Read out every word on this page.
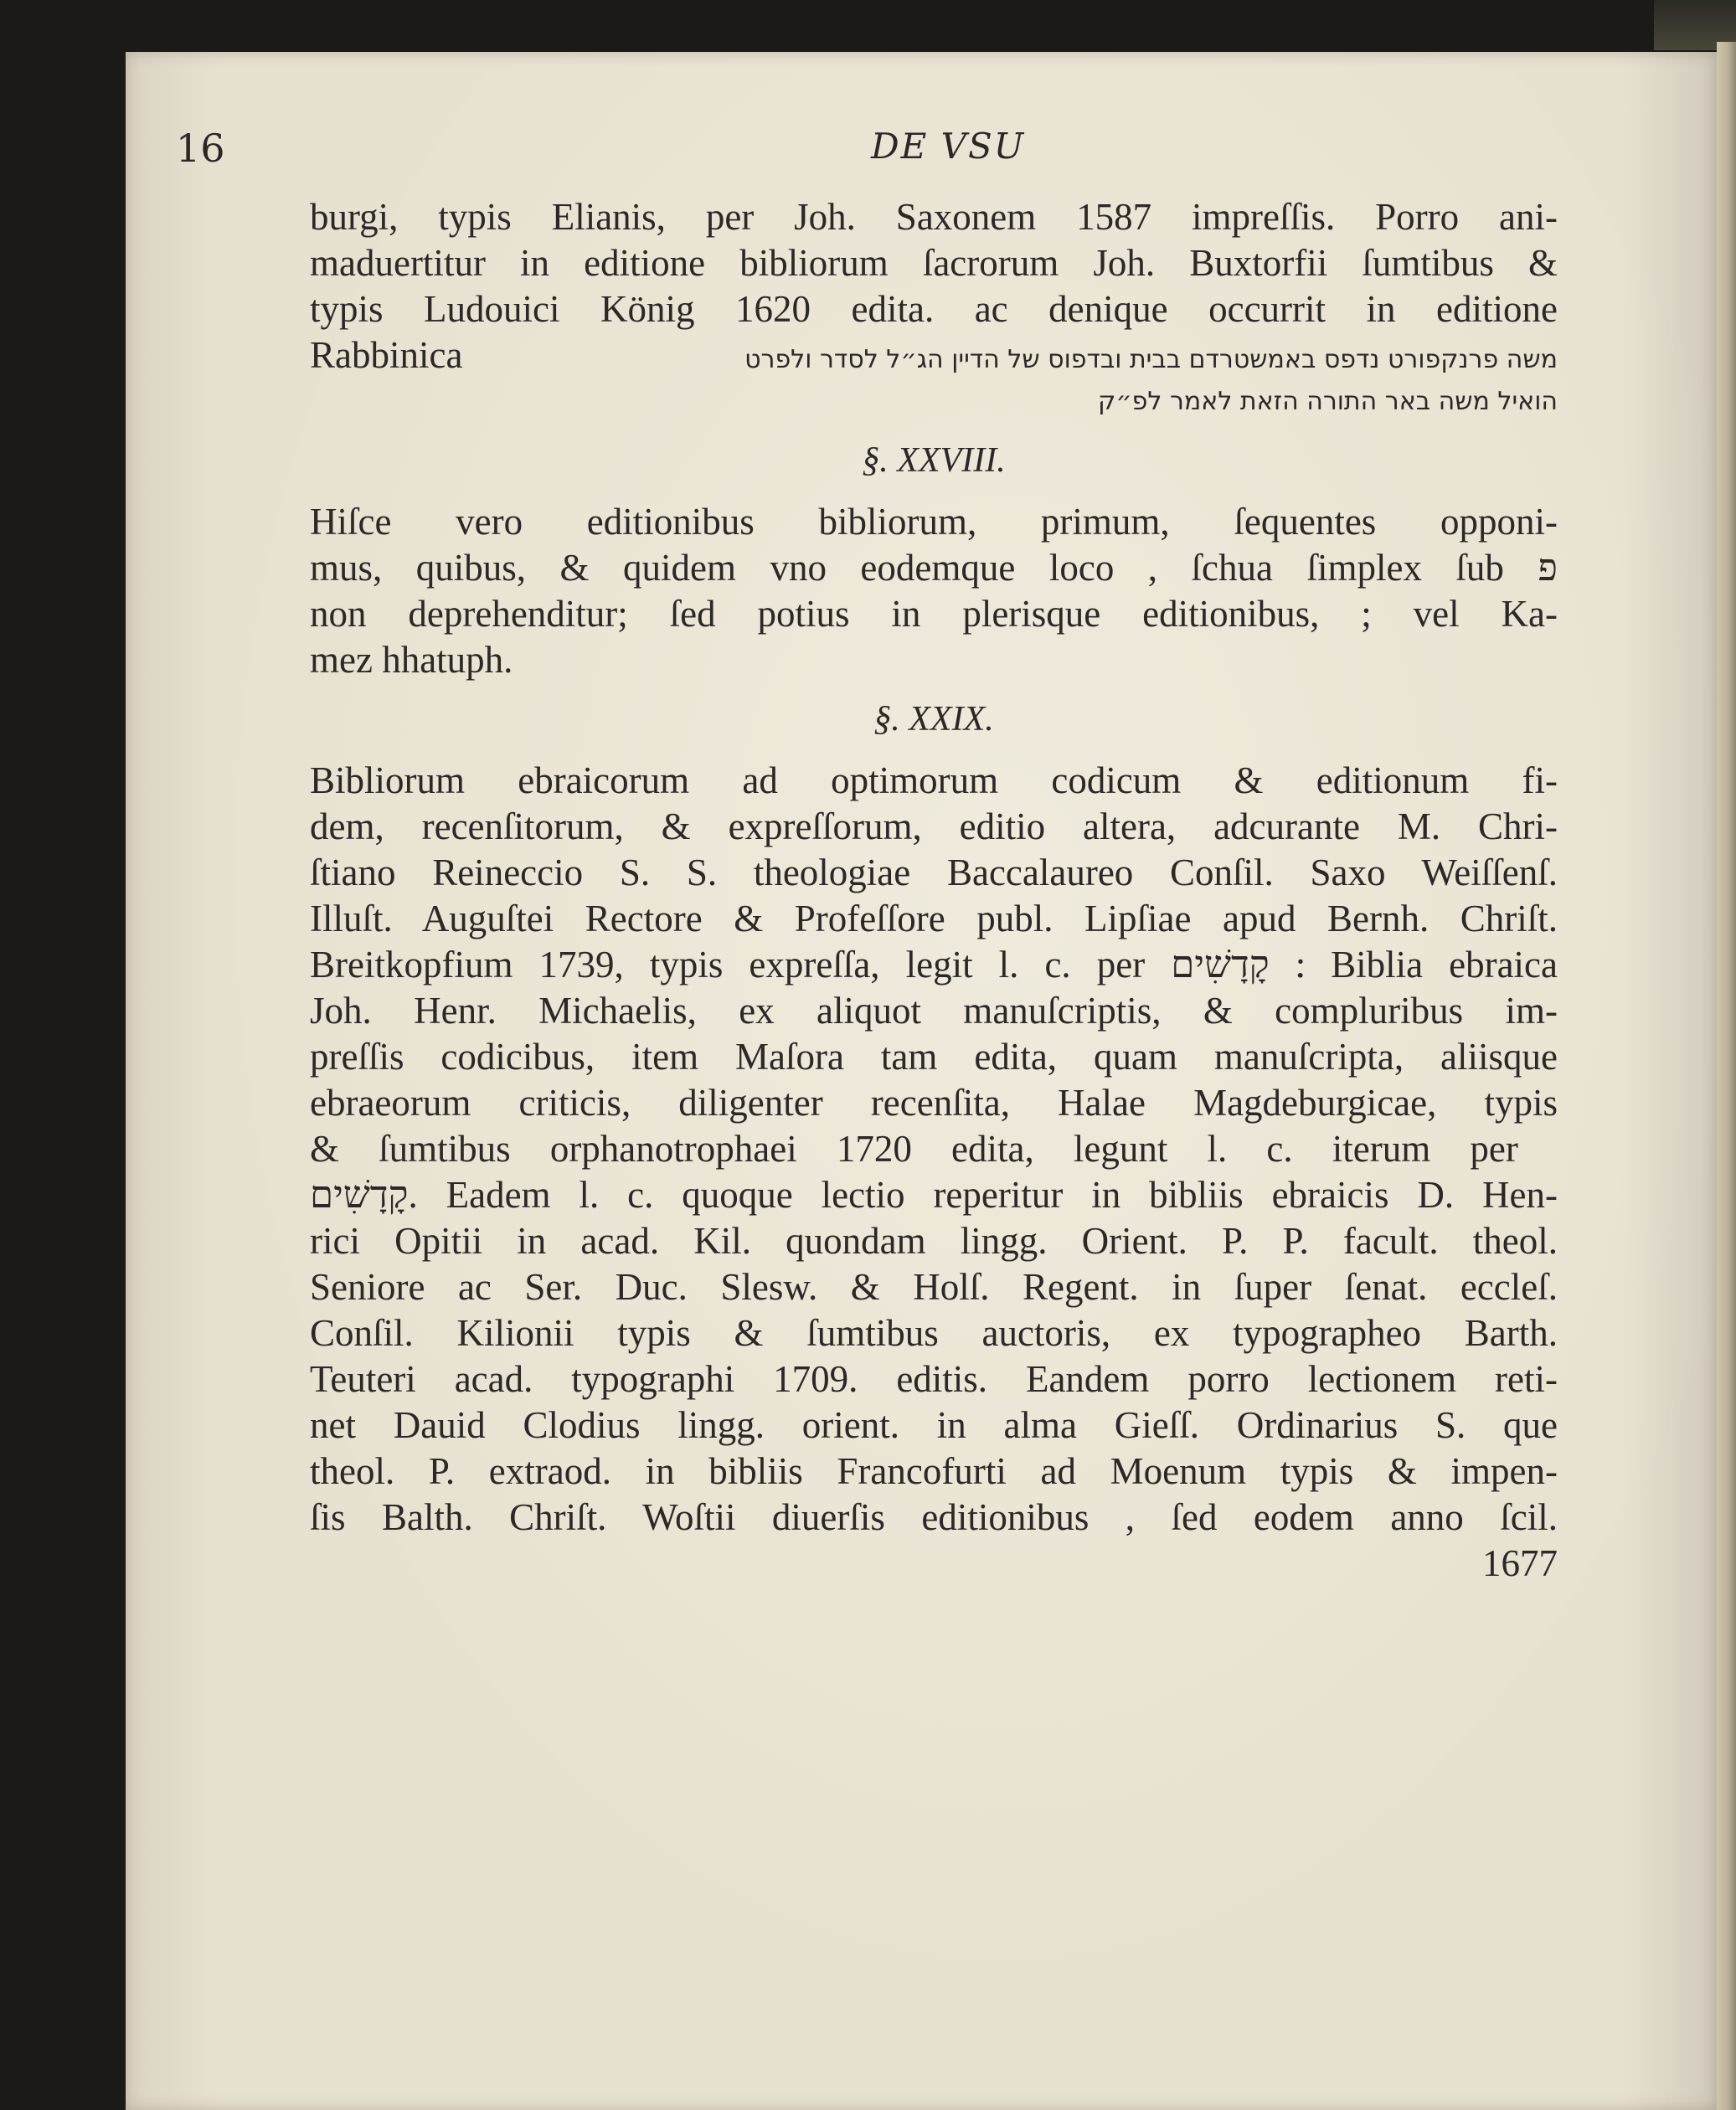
16	DE VSU
burgi, typis Elianis, per Joh. Saxonem 1587 impreſſis. Porro ani-
maduertitur in editione bibliorum ſacrorum Joh. Buxtorfii ſumtibus &
typis Ludouici König 1620 edita. ac denique occurrit in editione
Rabbinica	משה פרנקפורט נדפס באמשטרדם בבית ובדפוס של הדיין הג״ל לסדר ולפרט
הואיל משה באר התורה הזאת לאמר לפ״ק
§. XXVIII.
Hiſce vero editionibus bibliorum, primum, ſequentes opponi-
mus, quibus, & quidem vno eodemque loco , ſchua ſimplex ſub פ
non deprehenditur; ſed potius in plerisque editionibus, ׃; vel Ka-
mez hhatuph.
§. XXIX.
Bibliorum ebraicorum ad optimorum codicum & editionum fi-
dem, recenſitorum, & expreſſorum, editio altera, adcurante M. Chri-
ſtiano Reineccio S. S. theologiae Baccalaureo Conſil. Saxo Weiſſenſ.
Illuſt. Auguſtei Rectore & Profeſſore publ. Lipſiae apud Bernh. Chriſt.
Breitkopfium 1739, typis expreſſa, legit l. c. per ׃ קָדָשִׁים. Biblia ebraica
Joh. Henr. Michaelis, ex aliquot manuſcriptis, & compluribus im-
preſſis codicibus, item Maſora tam edita, quam manuſcripta, aliisque
ebraeorum criticis, diligenter recenſita, Halae Magdeburgicae, typis
& ſumtibus orphanotrophaei 1720 edita, legunt l. c. iterum per
קָדָשִׁים. Eadem l. c. quoque lectio reperitur in bibliis ebraicis D. Hen-
rici Opitii in acad. Kil. quondam lingg. Orient. P. P. facult. theol.
Seniore ac Ser. Duc. Slesw. & Holſ. Regent. in ſuper ſenat. eccleſ.
Conſil. Kilionii typis & ſumtibus auctoris, ex typographeo Barth.
Teuteri acad. typographi 1709. editis. Eandem porro lectionem reti-
net Dauid Clodius lingg. orient. in alma Gieſſ. Ordinarius S. que
theol. P. extraod. in bibliis Francofurti ad Moenum typis & impen-
ſis Balth. Chriſt. Woſtii diuerſis editionibus , ſed eodem anno ſcil.
1677
